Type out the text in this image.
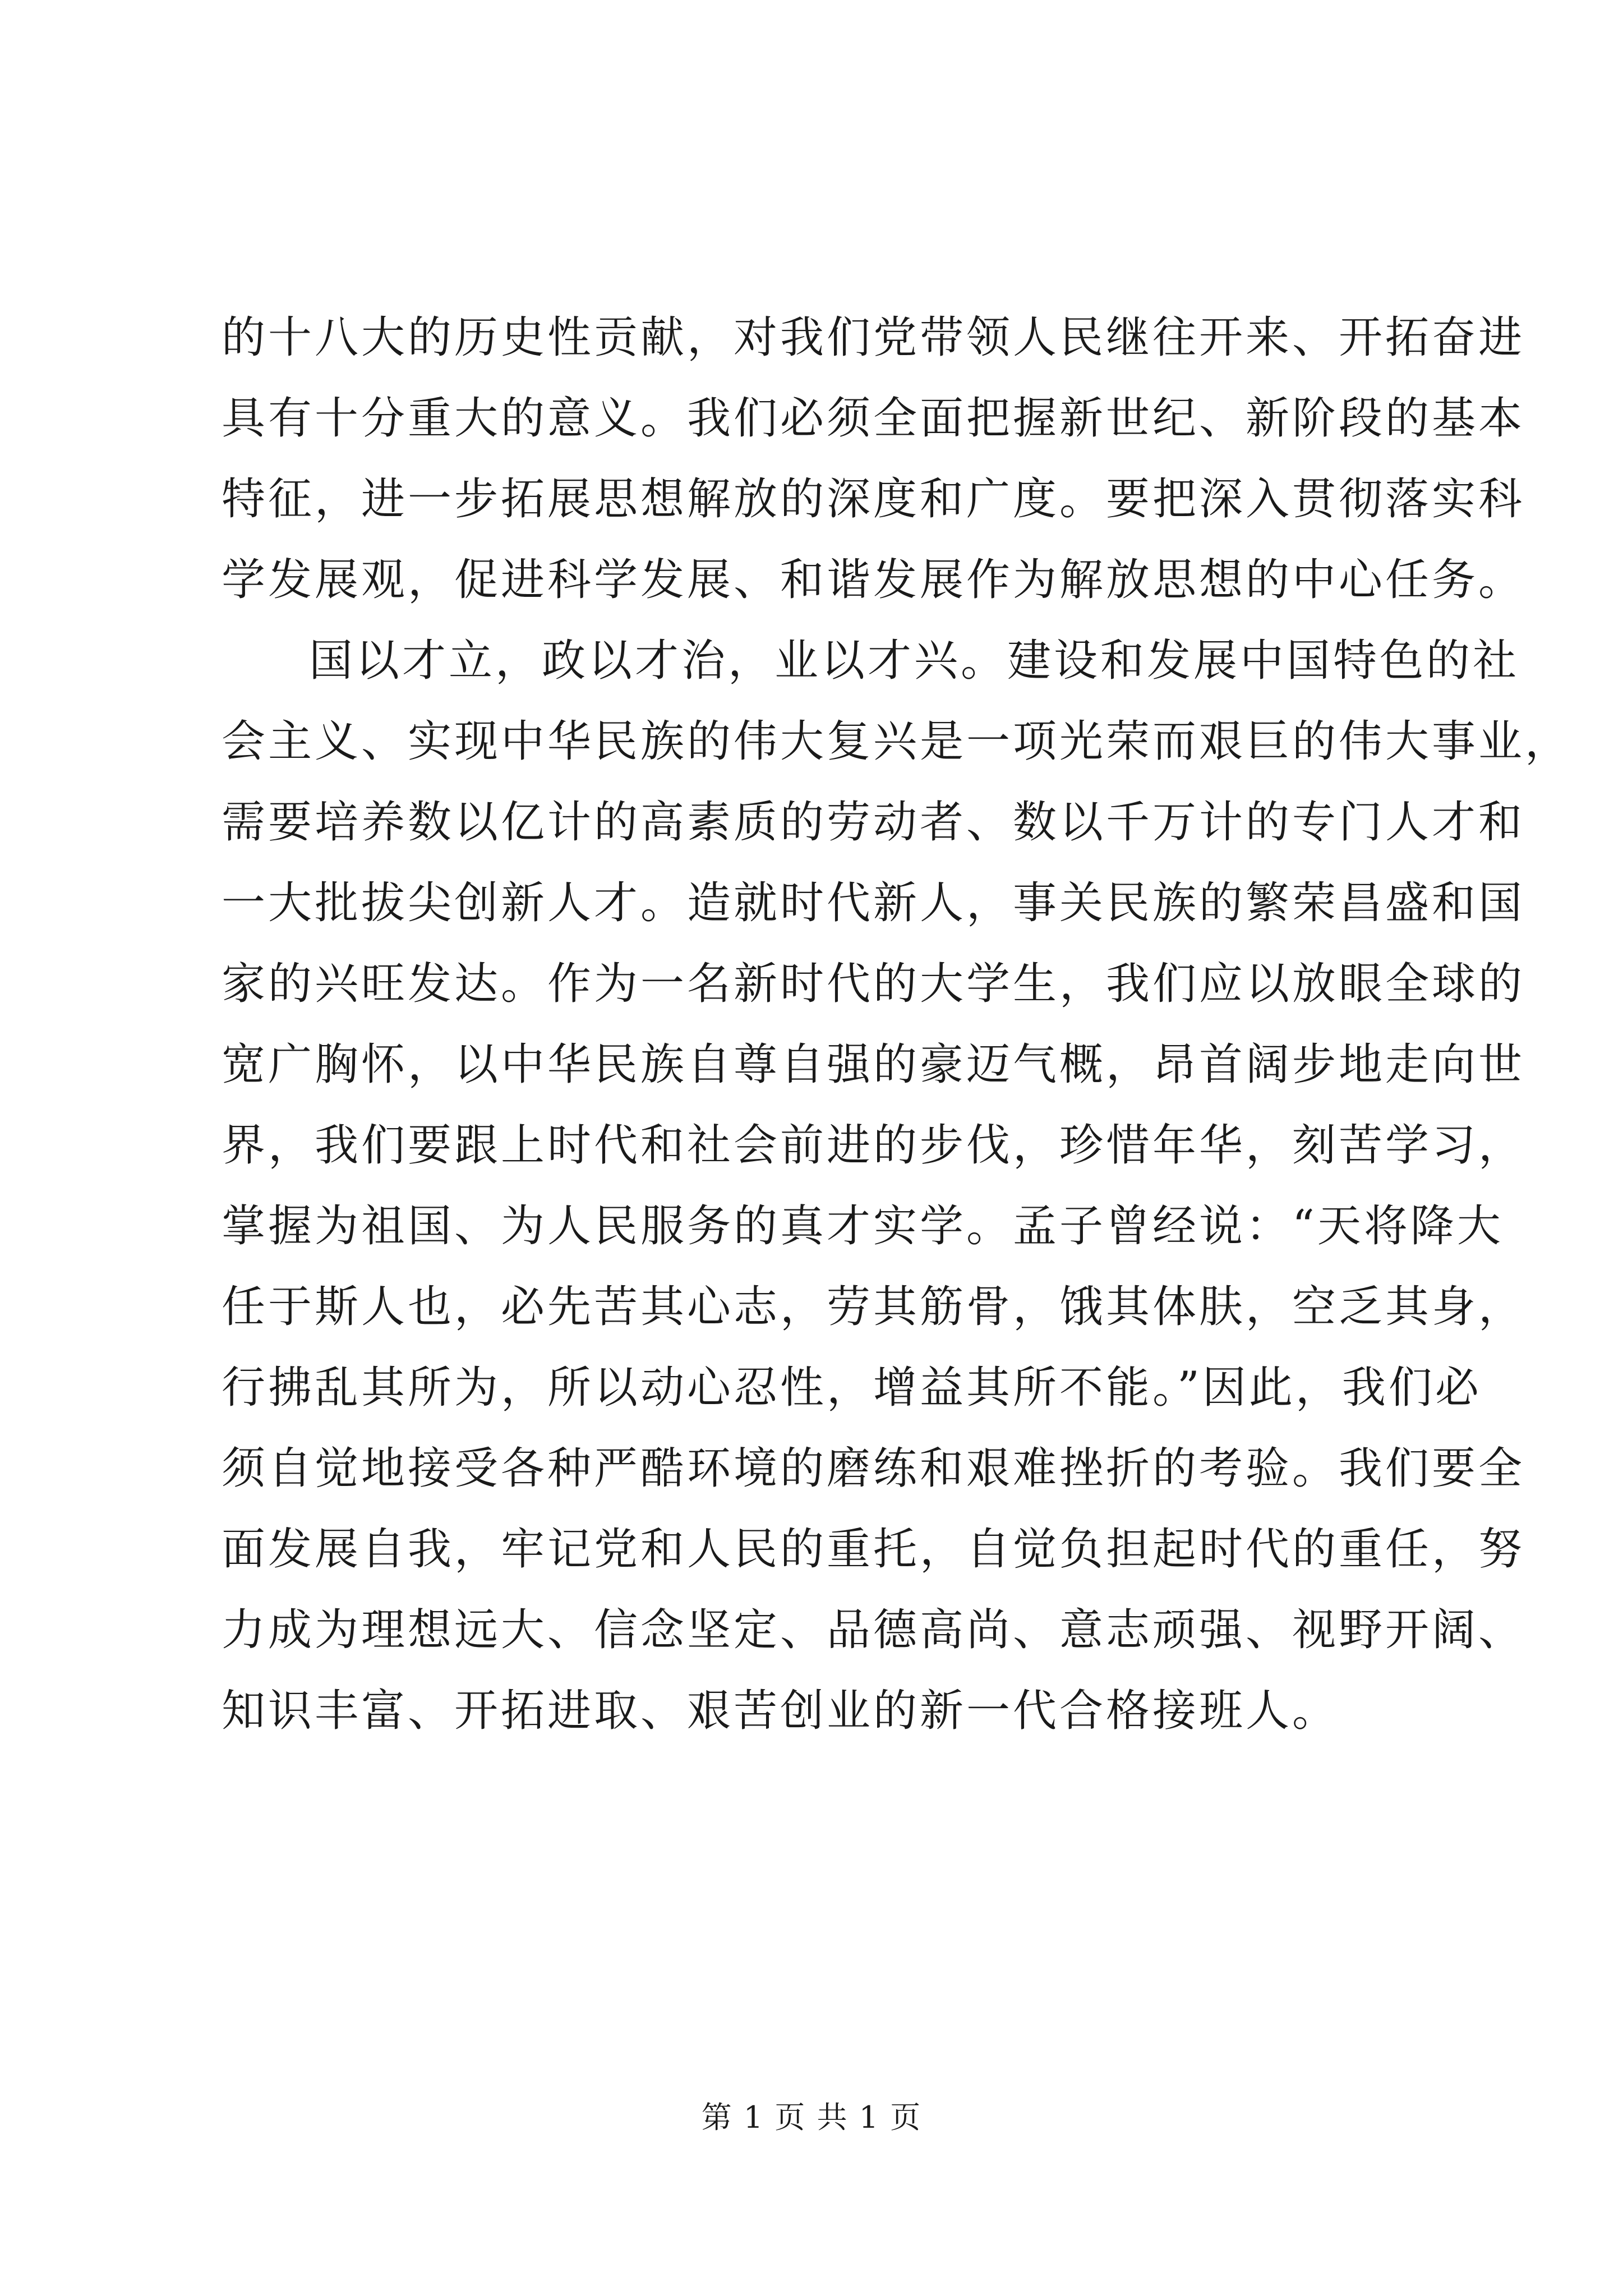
的十八大的历史性贡献，对我们党带领人民继往开来、开拓奋进
具有十分重大的意义。我们必须全面把握新世纪、新阶段的基本
特征，进一步拓展思想解放的深度和广度。要把深入贯彻落实科
学发展观，促进科学发展、和谐发展作为解放思想的中心任务。
国以才立，政以才治，业以才兴。建设和发展中国特色的社
会主义、实现中华民族的伟大复兴是一项光荣而艰巨的伟大事业，
需要培养数以亿计的高素质的劳动者、数以千万计的专门人才和
一大批拔尖创新人才。造就时代新人，事关民族的繁荣昌盛和国
家的兴旺发达。作为一名新时代的大学生，我们应以放眼全球的
宽广胸怀，以中华民族自尊自强的豪迈气概，昂首阔步地走向世
界，我们要跟上时代和社会前进的步伐，珍惜年华，刻苦学习，
掌握为祖国、为人民服务的真才实学。孟子曾经说：“天将降大
任于斯人也，必先苦其心志，劳其筋骨，饿其体肤，空乏其身，
行拂乱其所为，所以动心忍性，增益其所不能。”因此，我们必
须自觉地接受各种严酷环境的磨练和艰难挫折的考验。我们要全
面发展自我，牢记党和人民的重托，自觉负担起时代的重任，努
力成为理想远大、信念坚定、品德高尚、意志顽强、视野开阔、
知识丰富、开拓进取、艰苦创业的新一代合格接班人。
第 1 页 共 1 页
